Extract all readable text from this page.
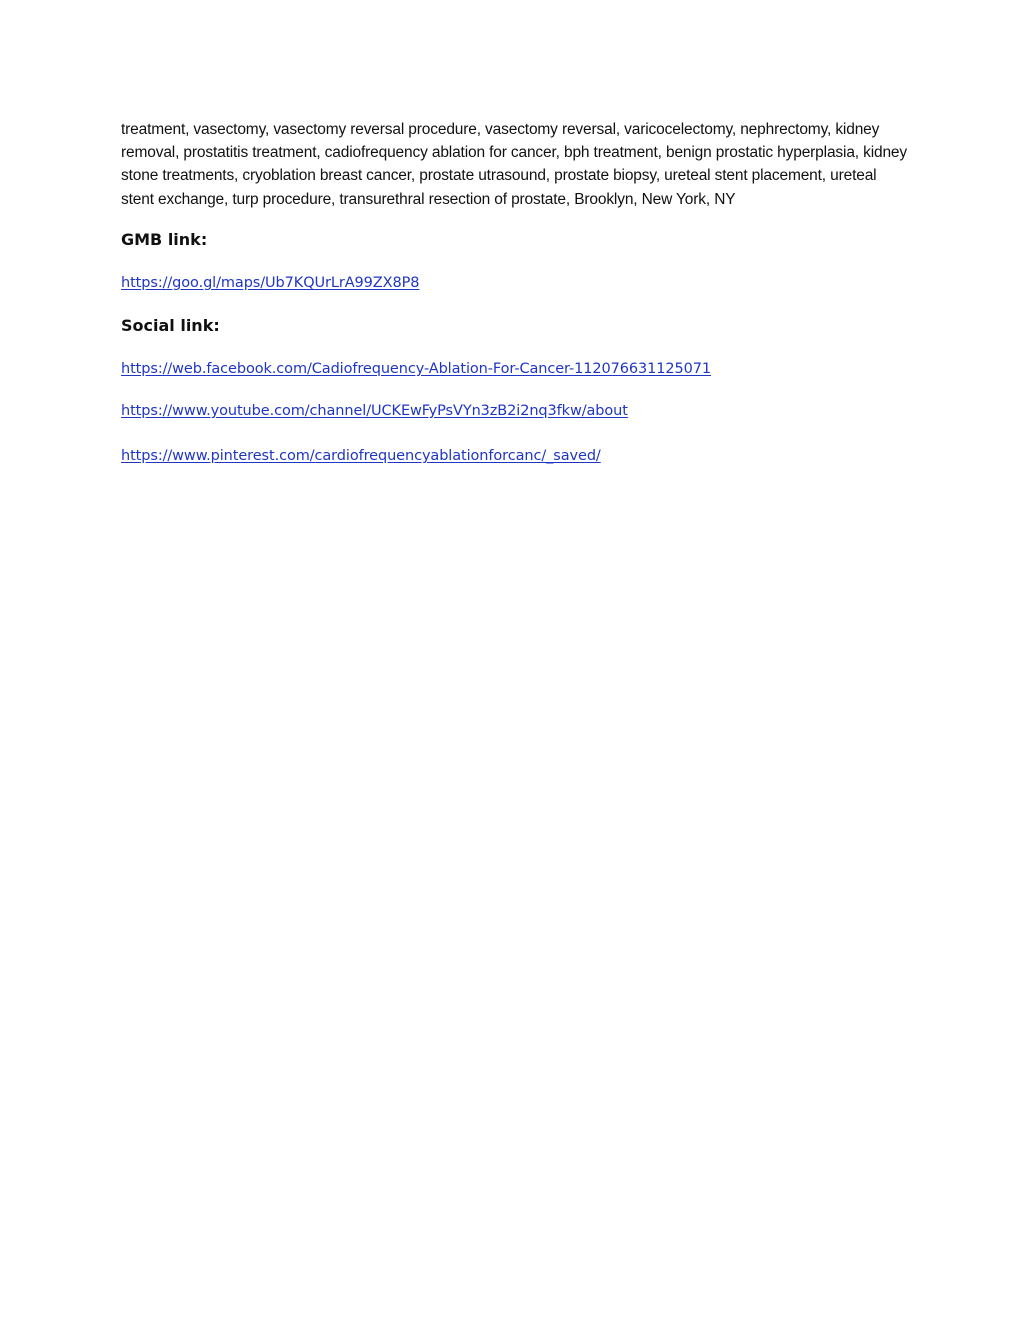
treatment, vasectomy, vasectomy reversal procedure, vasectomy reversal, varicocelectomy, nephrectomy, kidney removal, prostatitis treatment, cadiofrequency ablation for cancer, bph treatment, benign prostatic hyperplasia, kidney stone treatments, cryoblation breast cancer, prostate utrasound, prostate biopsy, ureteal stent placement, ureteal stent exchange, turp procedure, transurethral resection of prostate, Brooklyn, New York, NY

GMB link:
https://goo.gl/maps/Ub7KQUrLrA99ZX8P8
Social link:
https://web.facebook.com/Cadiofrequency-Ablation-For-Cancer-112076631125071
https://www.youtube.com/channel/UCKEwFyPsVYn3zB2i2nq3fkw/about
https://www.pinterest.com/cardiofrequencyablationforcanc/_saved/
